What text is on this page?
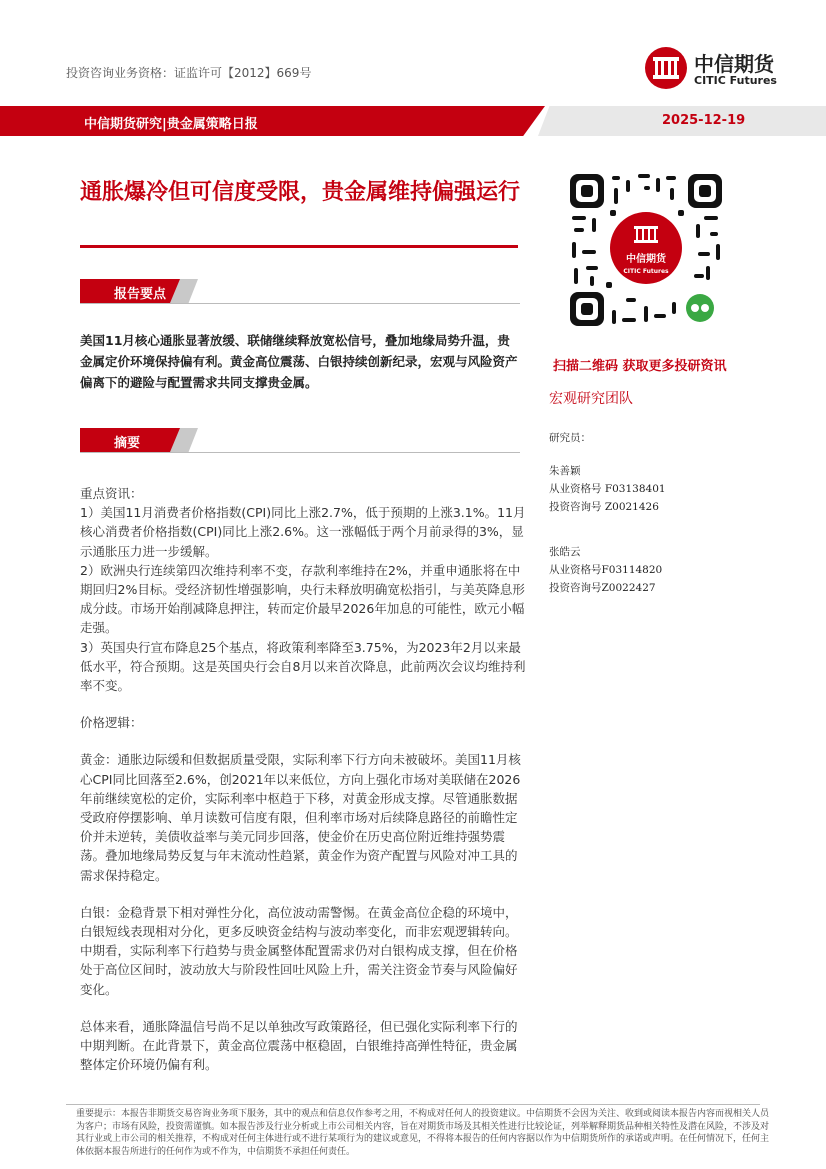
投资咨询业务资格：证监许可【2012】669号	中信期货
CITIC Futures
中信期货研究|贵金属策略日报	2025-12-19
通胀爆冷但可信度受限，贵金属维持偏强运行
报告要点
美国11月核心通胀显著放缓、联储继续释放宽松信号，叠加地缘局势升温，贵金属定价环境保持偏有利。黄金高位震荡、白银持续创新纪录，宏观与风险资产偏离下的避险与配置需求共同支撑贵金属。
摘要

重点资讯：

1）美国11月消费者价格指数(CPI)同比上涨2.7%，低于预期的上涨3.1%。11月核心消费者价格指数(CPI)同比上涨2.6%。这一涨幅低于两个月前录得的3%，显示通胀压力进一步缓解。

2）欧洲央行连续第四次维持利率不变，存款利率维持在2%，并重申通胀将在中期回归2%目标。受经济韧性增强影响，央行未释放明确宽松指引，与美英降息形成分歧。市场开始削减降息押注，转而定价最早2026年加息的可能性，欧元小幅走强。

3）英国央行宣布降息25个基点，将政策利率降至3.75%，为2023年2月以来最低水平，符合预期。这是英国央行会自8月以来首次降息，此前两次会议均维持利率不变。

价格逻辑：

黄金：通胀边际缓和但数据质量受限，实际利率下行方向未被破坏。美国11月核心CPI同比回落至2.6%，创2021年以来低位，方向上强化市场对美联储在2026年前继续宽松的定价，实际利率中枢趋于下移，对黄金形成支撑。尽管通胀数据受政府停摆影响、单月读数可信度有限，但利率市场对后续降息路径的前瞻性定价并未逆转，美债收益率与美元同步回落，使金价在历史高位附近维持强势震荡。叠加地缘局势反复与年末流动性趋紧，黄金作为资产配置与风险对冲工具的需求保持稳定。

白银：金稳背景下相对弹性分化，高位波动需警惕。在黄金高位企稳的环境中，白银短线表现相对分化，更多反映资金结构与波动率变化，而非宏观逻辑转向。中期看，实际利率下行趋势与贵金属整体配置需求仍对白银构成支撑，但在价格处于高位区间时，波动放大与阶段性回吐风险上升，需关注资金节奏与风险偏好变化。

总体来看，通胀降温信号尚不足以单独改写政策路径，但已强化实际利率下行的中期判断。在此背景下，黄金高位震荡中枢稳固，白银维持高弹性特征，贵金属整体定价环境仍偏有利。

中信期货
CITIC Futures
扫描二维码 获取更多投研资讯
宏观研究团队
研究员：
朱善颖
从业资格号 F03138401
投资咨询号 Z0021426
张皓云
从业资格号F03114820
投资咨询号Z0022427
重要提示：本报告非期货交易咨询业务项下服务，其中的观点和信息仅作参考之用，不构成对任何人的投资建议。中信期货不会因为关注、收到或阅读本报告内容而视相关人员为客户；市场有风险，投资需谨慎。如本报告涉及行业分析或上市公司相关内容，旨在对期货市场及其相关性进行比较论证，列举解释期货品种相关特性及潜在风险，不涉及对其行业或上市公司的相关推荐，不构成对任何主体进行或不进行某项行为的建议或意见，不得将本报告的任何内容据以作为中信期货所作的承诺或声明。在任何情况下，任何主体依据本报告所进行的任何作为或不作为，中信期货不承担任何责任。
